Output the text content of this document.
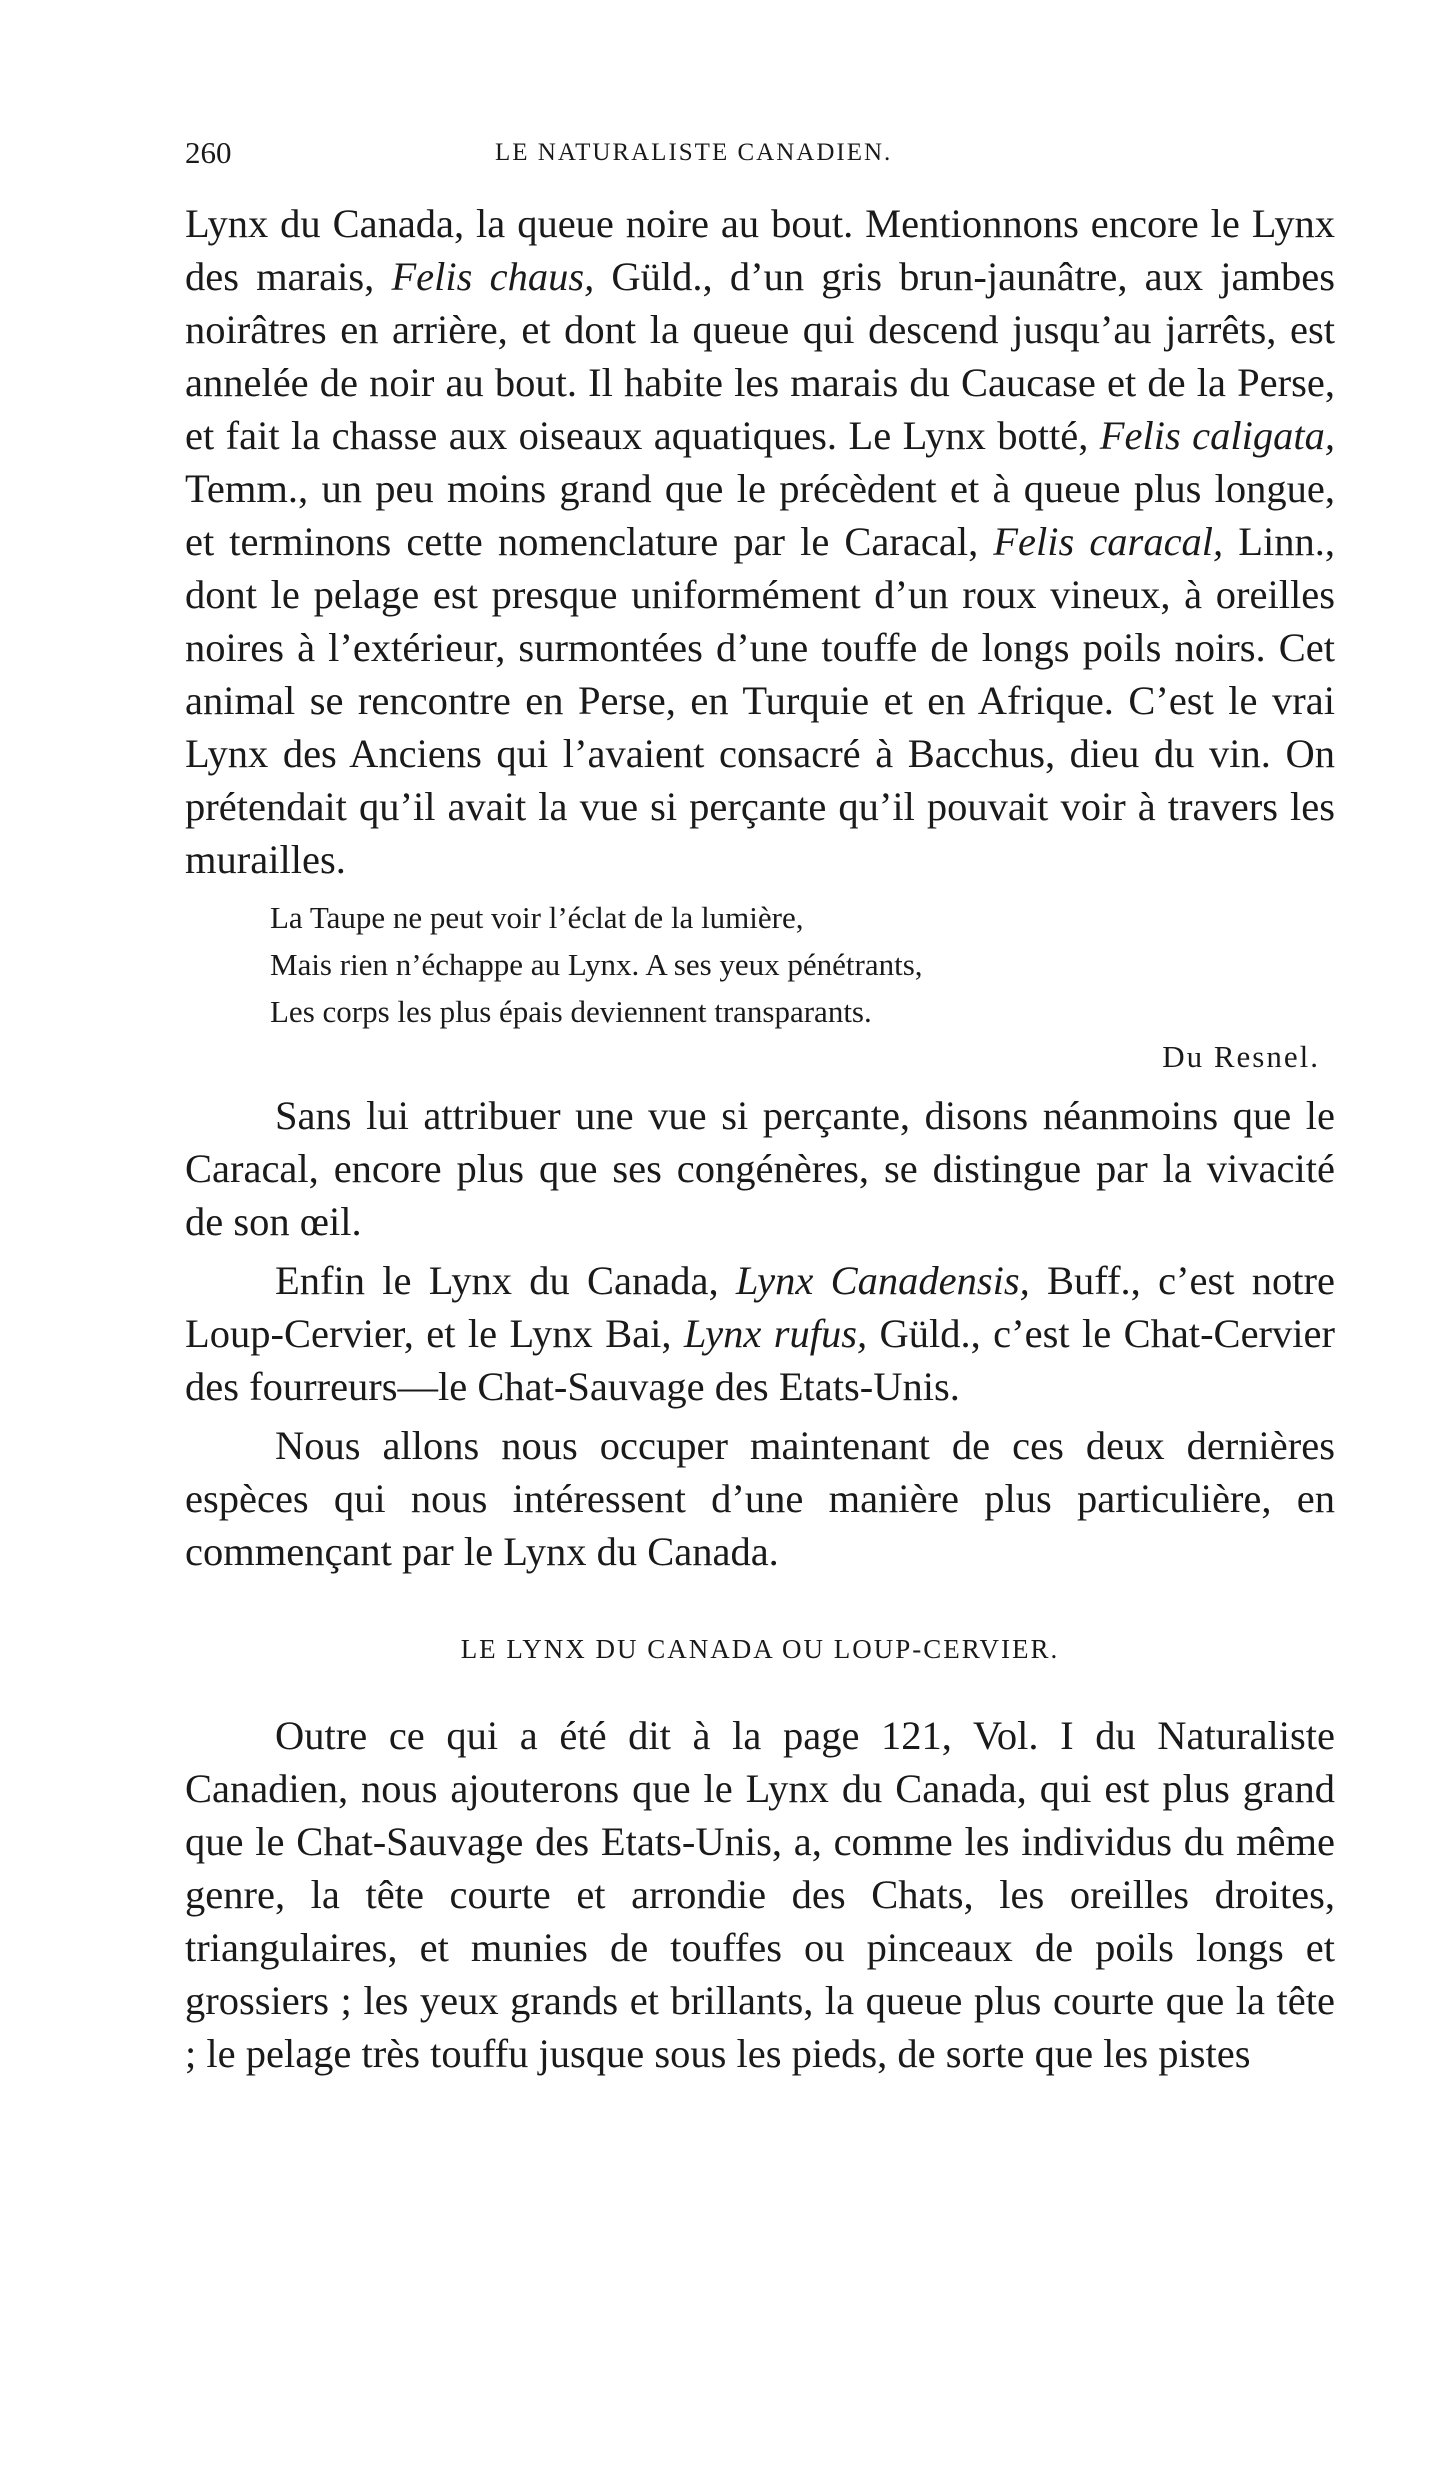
260	LE NATURALISTE CANADIEN.

Lynx du Canada, la queue noire au bout. Mentionnons encore le Lynx des marais, Felis chaus, Güld., d’un gris brun-jaunâtre, aux jambes noirâtres en arrière, et dont la queue qui descend jusqu’au jarrêts, est annelée de noir au bout. Il habite les marais du Caucase et de la Perse, et fait la chasse aux oiseaux aquatiques. Le Lynx botté, Felis caligata, Temm., un peu moins grand que le précèdent et à queue plus longue, et terminons cette nomenclature par le Caracal, Felis caracal, Linn., dont le pelage est presque uniformément d’un roux vineux, à oreilles noires à l’extérieur, surmontées d’une touffe de longs poils noirs. Cet animal se rencontre en Perse, en Turquie et en Afrique. C’est le vrai Lynx des Anciens qui l’avaient consacré à Bacchus, dieu du vin. On prétendait qu’il avait la vue si perçante qu’il pouvait voir à travers les murailles.

La Taupe ne peut voir l’éclat de la lumière,
Mais rien n’échappe au Lynx. A ses yeux pénétrants,
Les corps les plus épais deviennent transparants.
Du Resnel.

Sans lui attribuer une vue si perçante, disons néanmoins que le Caracal, encore plus que ses congénères, se distingue par la vivacité de son œil.

Enfin le Lynx du Canada, Lynx Canadensis, Buff., c’est notre Loup-Cervier, et le Lynx Bai, Lynx rufus, Güld., c’est le Chat-Cervier des fourreurs—le Chat-Sauvage des Etats-Unis.

Nous allons nous occuper maintenant de ces deux dernières espèces qui nous intéressent d’une manière plus particulière, en commençant par le Lynx du Canada.

LE LYNX DU CANADA OU LOUP-CERVIER.

Outre ce qui a été dit à la page 121, Vol. I du Naturaliste Canadien, nous ajouterons que le Lynx du Canada, qui est plus grand que le Chat-Sauvage des Etats-Unis, a, comme les individus du même genre, la tête courte et arrondie des Chats, les oreilles droites, triangulaires, et munies de touffes ou pinceaux de poils longs et grossiers ; les yeux grands et brillants, la queue plus courte que la tête ; le pelage très touffu jusque sous les pieds, de sorte que les pistes
